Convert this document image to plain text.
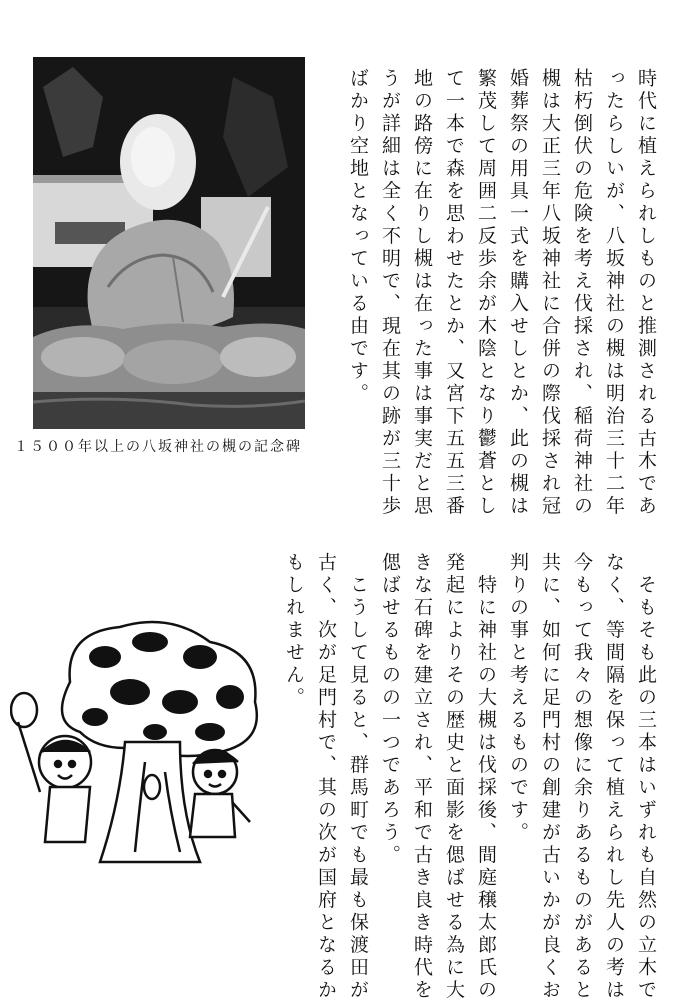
時代に植えられしものと推測される古木であ
ったらしいが、八坂神社の槻は明治三十二年
枯朽倒伏の危険を考え伐採され、稲荷神社の
槻は大正三年八坂神社に合併の際伐採され冠
婚葬祭の用具一式を購入せしとか、此の槻は
繁茂して周囲二反歩余が木陰となり鬱蒼とし
て一本で森を思わせたとか、又宮下五五三番
地の路傍に在りし槻は在った事は事実だと思
うが詳細は全く不明で、現在其の跡が三十歩
ばかり空地となっている由です。
１５００年以上の八坂神社の槻の記念碑
　そもそも此の三本はいずれも自然の立木で
なく、等間隔を保って植えられし先人の考は
今もって我々の想像に余りあるものがあると
共に、如何に足門村の創建が古いかが良くお
判りの事と考えるものです。
　特に神社の大槻は伐採後、間庭穣太郎氏の
発起によりその歴史と面影を偲ばせる為に大
きな石碑を建立され、平和で古き良き時代を
偲ばせるものの一つであろう。
　こうして見ると、群馬町でも最も保渡田が
古く、次が足門村で、其の次が国府となるか
もしれません。
